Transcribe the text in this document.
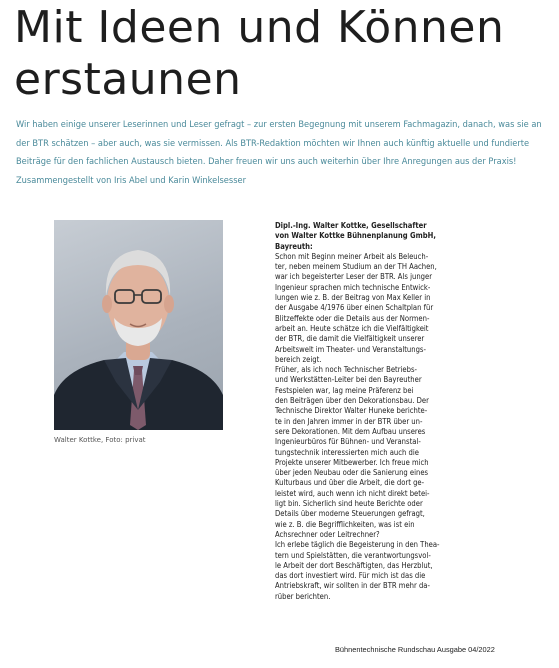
Mit Ideen und Können
erstaunen

Wir haben einige unserer Leserinnen und Leser gefragt – zur ersten Begegnung mit unserem Fachmagazin, danach, was sie an
der BTR schätzen – aber auch, was sie vermissen. Als BTR-Redaktion möchten wir Ihnen auch künftig aktuelle und fundierte
Beiträge für den fachlichen Austausch bieten. Daher freuen wir uns auch weiterhin über Ihre Anregungen aus der Praxis!
Zusammengestellt von Iris Abel und Karin Winkelsesser

Walter Kottke, Foto: privat
Dipl.-Ing. Walter Kottke, Gesellschafter
von Walter Kottke Bühnenplanung GmbH,
Bayreuth:
Schon mit Beginn meiner Arbeit als Beleuch-
ter, neben meinem Studium an der TH Aachen,
war ich begeisterter Leser der BTR. Als junger
Ingenieur sprachen mich technische Entwick-
lungen wie z. B. der Beitrag von Max Keller in
der Ausgabe 4/1976 über einen Schaltplan für
Blitzeffekte oder die Details aus der Normen-
arbeit an. Heute schätze ich die Vielfältigkeit
der BTR, die damit die Vielfältigkeit unserer
Arbeitswelt im Theater- und Veranstaltungs-
bereich zeigt.
Früher, als ich noch Technischer Betriebs-
und Werkstätten-Leiter bei den Bayreuther
Festspielen war, lag meine Präferenz bei
den Beiträgen über den Dekorationsbau. Der
Technische Direktor Walter Huneke berichte-
te in den Jahren immer in der BTR über un-
sere Dekorationen. Mit dem Aufbau unseres
Ingenieurbüros für Bühnen- und Veranstal-
tungstechnik interessierten mich auch die
Projekte unserer Mitbewerber. Ich freue mich
über jeden Neubau oder die Sanierung eines
Kulturbaus und über die Arbeit, die dort ge-
leistet wird, auch wenn ich nicht direkt betei-
ligt bin. Sicherlich sind heute Berichte oder
Details über moderne Steuerungen gefragt,
wie z. B. die Begrifflichkeiten, was ist ein
Achsrechner oder Leitrechner?
Ich erlebe täglich die Begeisterung in den Thea-
tern und Spielstätten, die verantwortungsvol-
le Arbeit der dort Beschäftigten, das Herzblut,
das dort investiert wird. Für mich ist das die
Antriebskraft, wir sollten in der BTR mehr da-
rüber berichten.
Bühnentechnische Rundschau Ausgabe 04/2022
